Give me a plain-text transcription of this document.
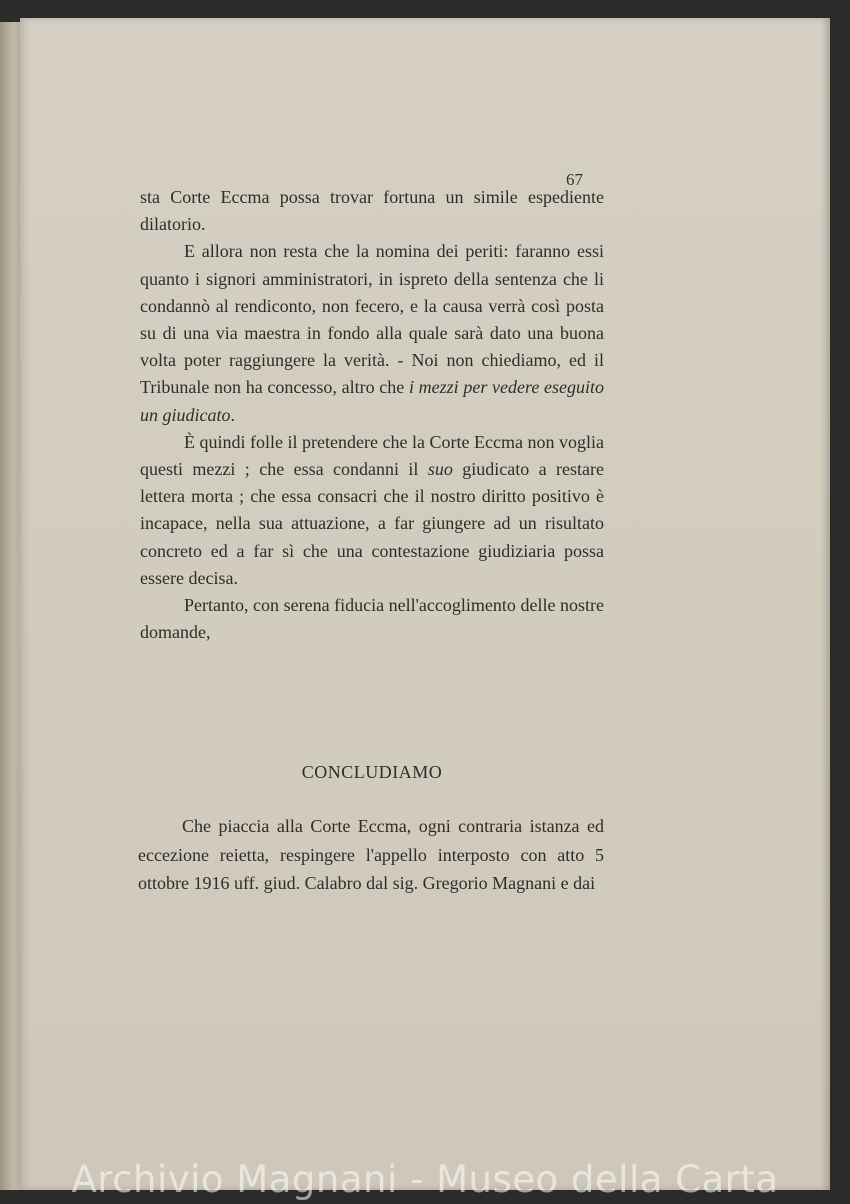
67

sta Corte Eccma possa trovar fortuna un simile espediente dilatorio.

E allora non resta che la nomina dei periti: faranno essi quanto i signori amministratori, in ispreto della sentenza che li condannò al rendiconto, non fecero, e la causa verrà così posta su di una via maestra in fondo alla quale sarà dato una buona volta poter raggiungere la verità. - Noi non chiediamo, ed il Tribunale non ha concesso, altro che i mezzi per vedere eseguito un giudicato.

È quindi folle il pretendere che la Corte Eccma non voglia questi mezzi ; che essa condanni il suo giudicato a restare lettera morta ; che essa consacri che il nostro diritto positivo è incapace, nella sua attuazione, a far giungere ad un risultato concreto ed a far sì che una contestazione giudiziaria possa essere decisa.

Pertanto, con serena fiducia nell'accoglimento delle nostre domande,

CONCLUDIAMO

Che piaccia alla Corte Eccma, ogni contraria istanza ed eccezione reietta, respingere l'appello interposto con atto 5 ottobre 1916 uff. giud. Calabro dal sig. Gregorio Magnani e dai

Archivio Magnani - Museo della Carta
